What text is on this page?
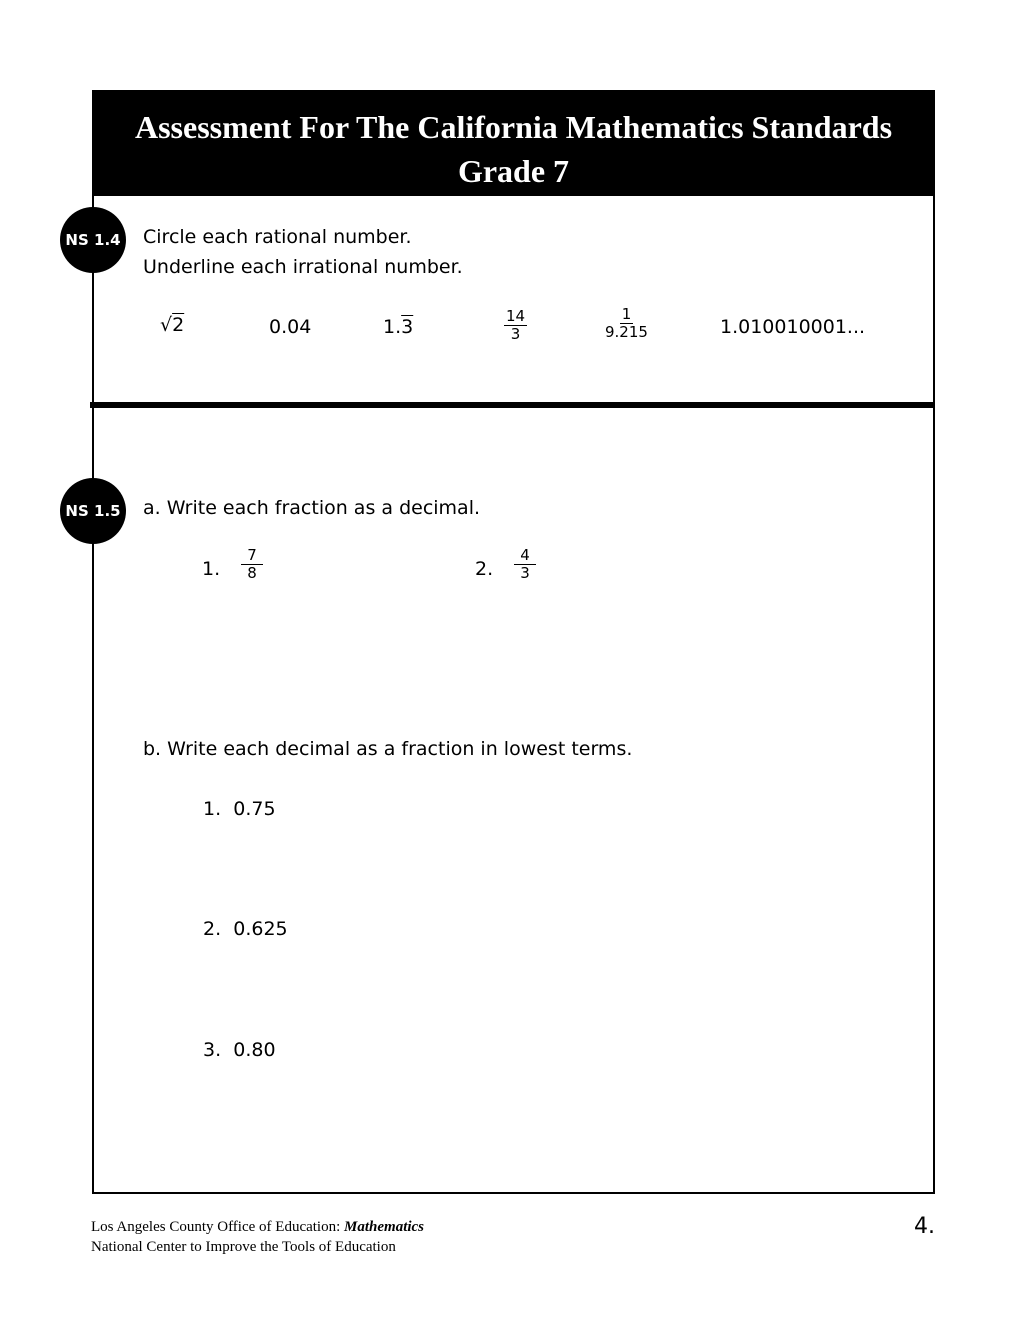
Assessment For The California Mathematics Standards
Grade 7
NS 1.4 Circle each rational number.
Underline each irrational number.
√2	0.04	1.3	$\frac{14}{3}$	$\frac{1}{9.215}$	1.010010001...
NS 1.5 a. Write each fraction as a decimal.
1. $\frac{7}{8}$	2. $\frac{4}{3}$
b. Write each decimal as a fraction in lowest terms.
1. 0.75
2. 0.625
3. 0.80
Los Angeles County Office of Education: Mathematics
National Center to Improve the Tools of Education
4.
